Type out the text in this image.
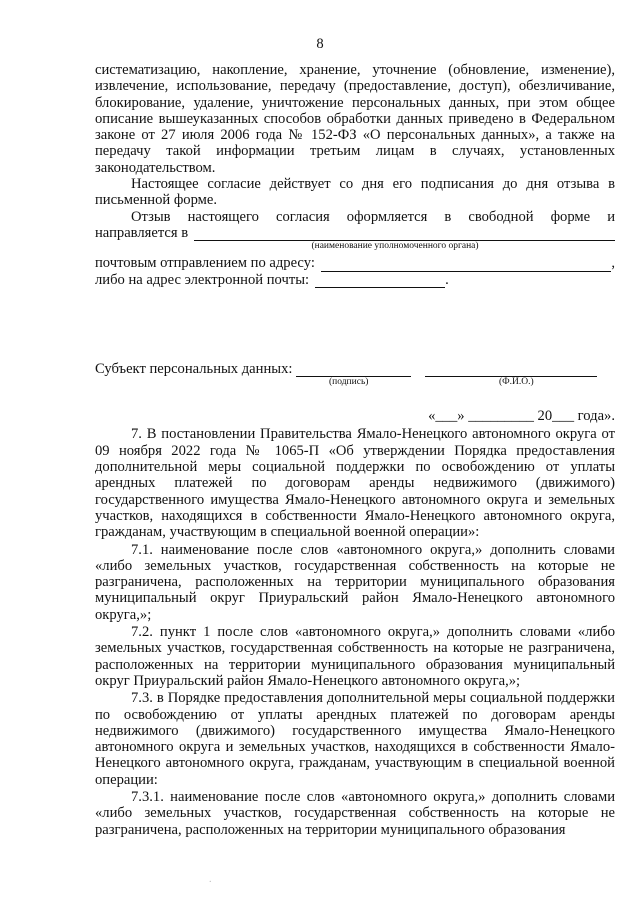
8

систематизацию, накопление, хранение, уточнение (обновление, изменение), извлечение, использование, передачу (предоставление, доступ), обезличивание, блокирование, удаление, уничтожение персональных данных, при этом общее описание вышеуказанных способов обработки данных приведено в Федеральном законе от 27 июля 2006 года № 152-ФЗ «О персональных данных», а также на передачу такой информации третьим лицам в случаях, установленных законодательством.

Настоящее согласие действует со дня его подписания до дня отзыва в письменной форме.

Отзыв настоящего согласия оформляется в свободной форме и

направляется в
(наименование уполномоченного органа)
почтовым отправлением по адресу:	,
либо на адрес электронной почты:	.
Субъект персональных данных:
(подпись)	(Ф.И.О.)
«___» _________ 20___ года».

7. В постановлении Правительства Ямало-Ненецкого автономного округа от 09 ноября 2022 года № 1065-П «Об утверждении Порядка предоставления дополнительной меры социальной поддержки по освобождению от уплаты арендных платежей по договорам аренды недвижимого (движимого) государственного имущества Ямало-Ненецкого автономного округа и земельных участков, находящихся в собственности Ямало-Ненецкого автономного округа, гражданам, участвующим в специальной военной операции»:

7.1. наименование после слов «автономного округа,» дополнить словами «либо земельных участков, государственная собственность на которые не разграничена, расположенных на территории муниципального образования муниципальный округ Приуральский район Ямало-Ненецкого автономного округа,»;

7.2. пункт 1 после слов «автономного округа,» дополнить словами «либо земельных участков, государственная собственность на которые не разграничена, расположенных на территории муниципального образования муниципальный округ Приуральский район Ямало-Ненецкого автономного округа,»;

7.3. в Порядке предоставления дополнительной меры социальной поддержки по освобождению от уплаты арендных платежей по договорам аренды недвижимого (движимого) государственного имущества Ямало-Ненецкого автономного округа и земельных участков, находящихся в собственности Ямало-Ненецкого автономного округа, гражданам, участвующим в специальной военной операции:

7.3.1. наименование после слов «автономного округа,» дополнить словами «либо земельных участков, государственная собственность на которые не разграничена, расположенных на территории муниципального образования

.
